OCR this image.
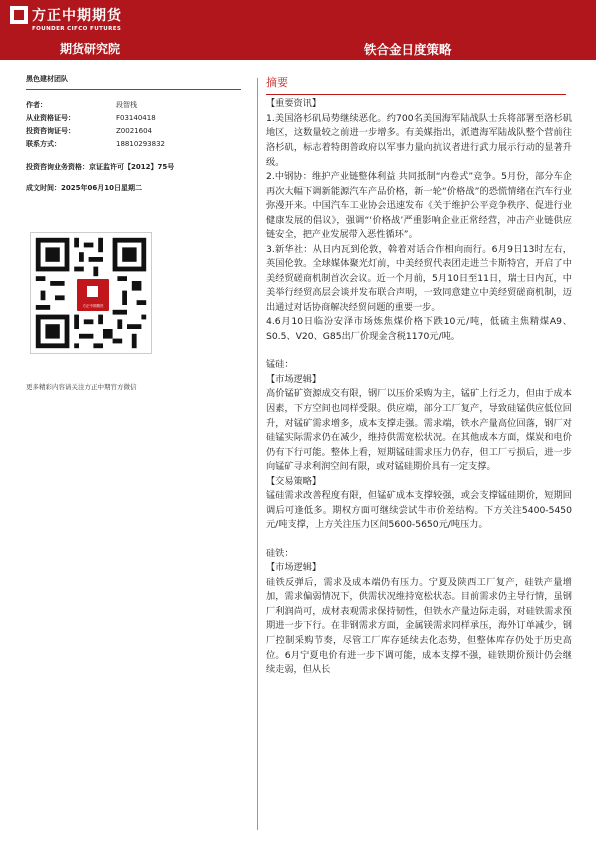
方正中期期货
FOUNDER CIFCO FUTURES
期货研究院	铁合金日度策略
黑色建材团队
作者：	段智栈
从业资格证号：	F03140418
投资咨询证号：	Z0021604
联系方式：	18810293832
投资咨询业务资格：京证监许可【2012】75号
成文时间：2025年06月10日星期二
方正中期期货
更多精彩内容请关注方正中期官方微信
摘要

【重要资讯】

1.美国洛杉矶局势继续恶化。约700名美国海军陆战队士兵将部署至洛杉矶地区，这数量较之前进一步增多。有美媒指出，派遣海军陆战队整个营前往洛杉矶，标志着特朗普政府以军事力量向抗议者进行武力展示行动的显著升级。

2.中钢协：维护产业链整体利益 共同抵制“内卷式”竞争。5月份，部分车企再次大幅下调新能源汽车产品价格，新一轮“价格战”的恐慌情绪在汽车行业弥漫开来。中国汽车工业协会迅速发布《关于维护公平竞争秩序、促进行业健康发展的倡议》，强调“‘价格战’严重影响企业正常经营，冲击产业链供应链安全，把产业发展带入恶性循环”。

3.新华社：从日内瓦到伦敦，斡着对话合作相向而行。6月9日13时左右，英国伦敦。全球媒体聚光灯前，中美经贸代表团走进兰卡斯特宫，开启了中美经贸磋商机制首次会议。近一个月前，5月10日至11日，瑞士日内瓦，中美举行经贸高层会谈并发布联合声明，一致同意建立中美经贸磋商机制，迈出通过对话协商解决经贸问题的重要一步。

4.6月10日临汾安泽市场炼焦煤价格下跌10元/吨，低硫主焦精煤A9、S0.5、V20、G85出厂价现金含税1170元/吨。

锰硅：

【市场逻辑】

高价锰矿资源成交有限，钢厂以压价采购为主，锰矿上行乏力，但由于成本因素，下方空间也同样受限。供应端，部分工厂复产，导致硅锰供应低位回升，对锰矿需求增多，成本支撑走强。需求端，铁水产量高位回落，钢厂对硅锰实际需求仍在减少，维持供需宽松状况。在其他成本方面，煤炭和电价仍有下行可能。整体上看，短期锰硅需求压力仍存，但工厂亏损后，进一步向锰矿寻求利润空间有限，或对锰硅期价具有一定支撑。

【交易策略】

锰硅需求改善程度有限，但锰矿成本支撑较强，或会支撑锰硅期价，短期回调后可逢低多。期权方面可继续尝试牛市价差结构。下方关注5400-5450元/吨支撑，上方关注压力区间5600-5650元/吨压力。

硅铁：

【市场逻辑】

硅铁反弹后，需求及成本端仍有压力。宁夏及陕西工厂复产，硅铁产量增加，需求偏弱情况下，供需状况维持宽松状态。目前需求仍主导行情，虽钢厂利润尚可，成材表观需求保持韧性，但铁水产量边际走弱，对硅铁需求预期进一步下行。在非钢需求方面，金属镁需求同样承压，海外订单减少，钢厂控制采购节奏，尽管工厂库存延续去化态势，但整体库存仍处于历史高位。6月宁夏电价有进一步下调可能，成本支撑不强，硅铁期价预计仍会继续走弱，但从长
